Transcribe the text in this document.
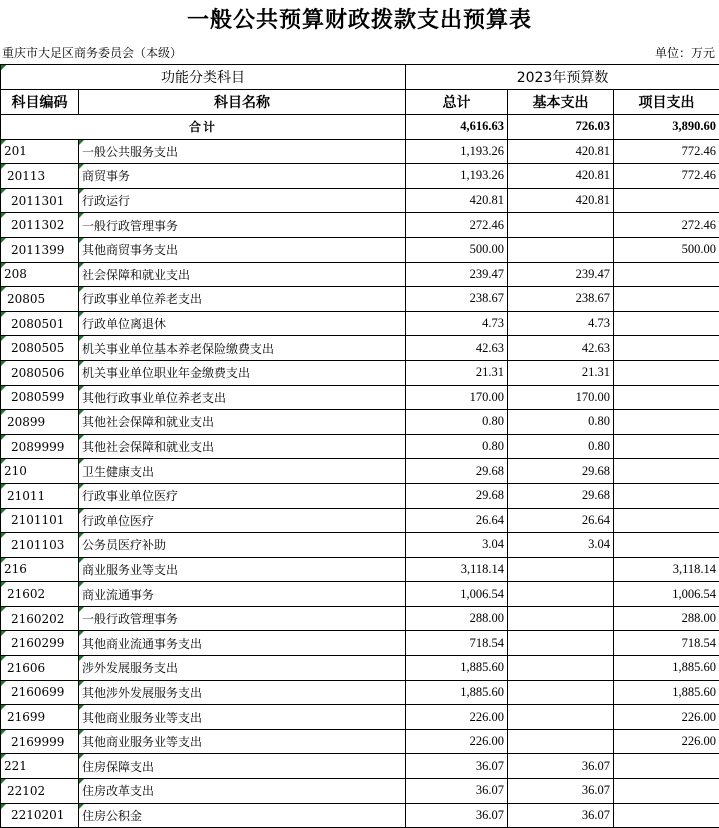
一般公共预算财政拨款支出预算表
重庆市大足区商务委员会（本级）	单位：万元
功能分类科目		2023年预算数		
科目编码	科目名称	总计	基本支出	项目支出
合计		4,616.63	726.03	3,890.60
201	一般公共服务支出	1,193.26	420.81	772.46
20113	商贸事务	1,193.26	420.81	772.46
2011301	行政运行	420.81	420.81	
2011302	一般行政管理事务	272.46		272.46
2011399	其他商贸事务支出	500.00		500.00
208	社会保障和就业支出	239.47	239.47	
20805	行政事业单位养老支出	238.67	238.67	
2080501	行政单位离退休	4.73	4.73	
2080505	机关事业单位基本养老保险缴费支出	42.63	42.63	
2080506	机关事业单位职业年金缴费支出	21.31	21.31	
2080599	其他行政事业单位养老支出	170.00	170.00	
20899	其他社会保障和就业支出	0.80	0.80	
2089999	其他社会保障和就业支出	0.80	0.80	
210	卫生健康支出	29.68	29.68	
21011	行政事业单位医疗	29.68	29.68	
2101101	行政单位医疗	26.64	26.64	
2101103	公务员医疗补助	3.04	3.04	
216	商业服务业等支出	3,118.14		3,118.14
21602	商业流通事务	1,006.54		1,006.54
2160202	一般行政管理事务	288.00		288.00
2160299	其他商业流通事务支出	718.54		718.54
21606	涉外发展服务支出	1,885.60		1,885.60
2160699	其他涉外发展服务支出	1,885.60		1,885.60
21699	其他商业服务业等支出	226.00		226.00
2169999	其他商业服务业等支出	226.00		226.00
221	住房保障支出	36.07	36.07	
22102	住房改革支出	36.07	36.07	
2210201	住房公积金	36.07	36.07	
